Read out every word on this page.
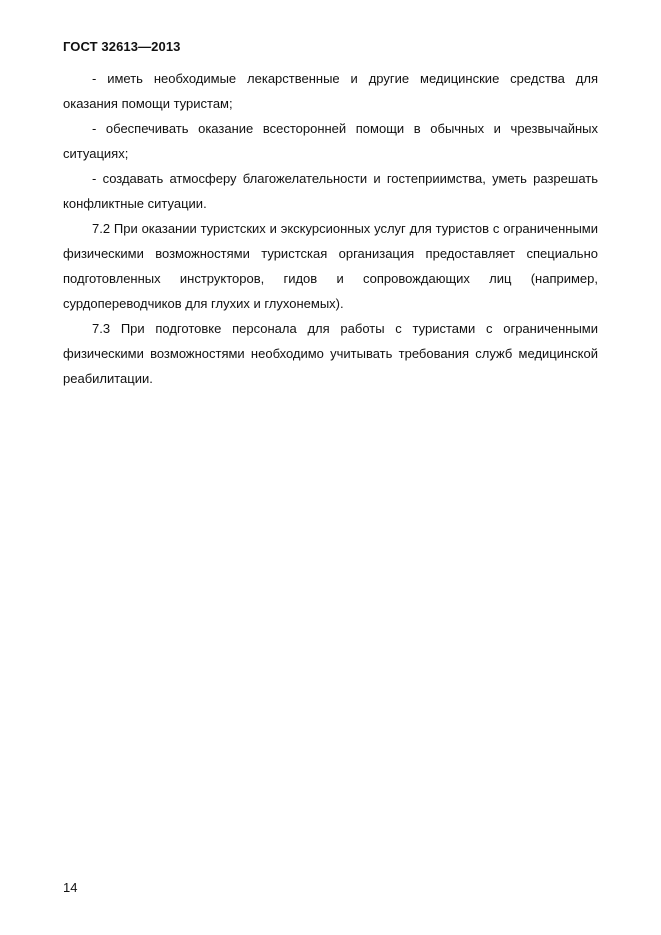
ГОСТ 32613—2013

- иметь необходимые лекарственные и другие медицинские средства для оказания помощи туристам;

- обеспечивать оказание всесторонней помощи в обычных и чрезвычайных ситуациях;

- создавать атмосферу благожелательности и гостеприимства, уметь разрешать конфликтные ситуации.

7.2 При оказании туристских и экскурсионных услуг для туристов с ограниченными физическими возможностями туристская организация предоставляет специально подготовленных инструкторов, гидов и сопровождающих лиц (например, сурдопереводчиков для глухих и глухонемых).

7.3 При подготовке персонала для работы с туристами с ограниченными физическими возможностями необходимо учитывать требования служб медицинской реабилитации.

14
